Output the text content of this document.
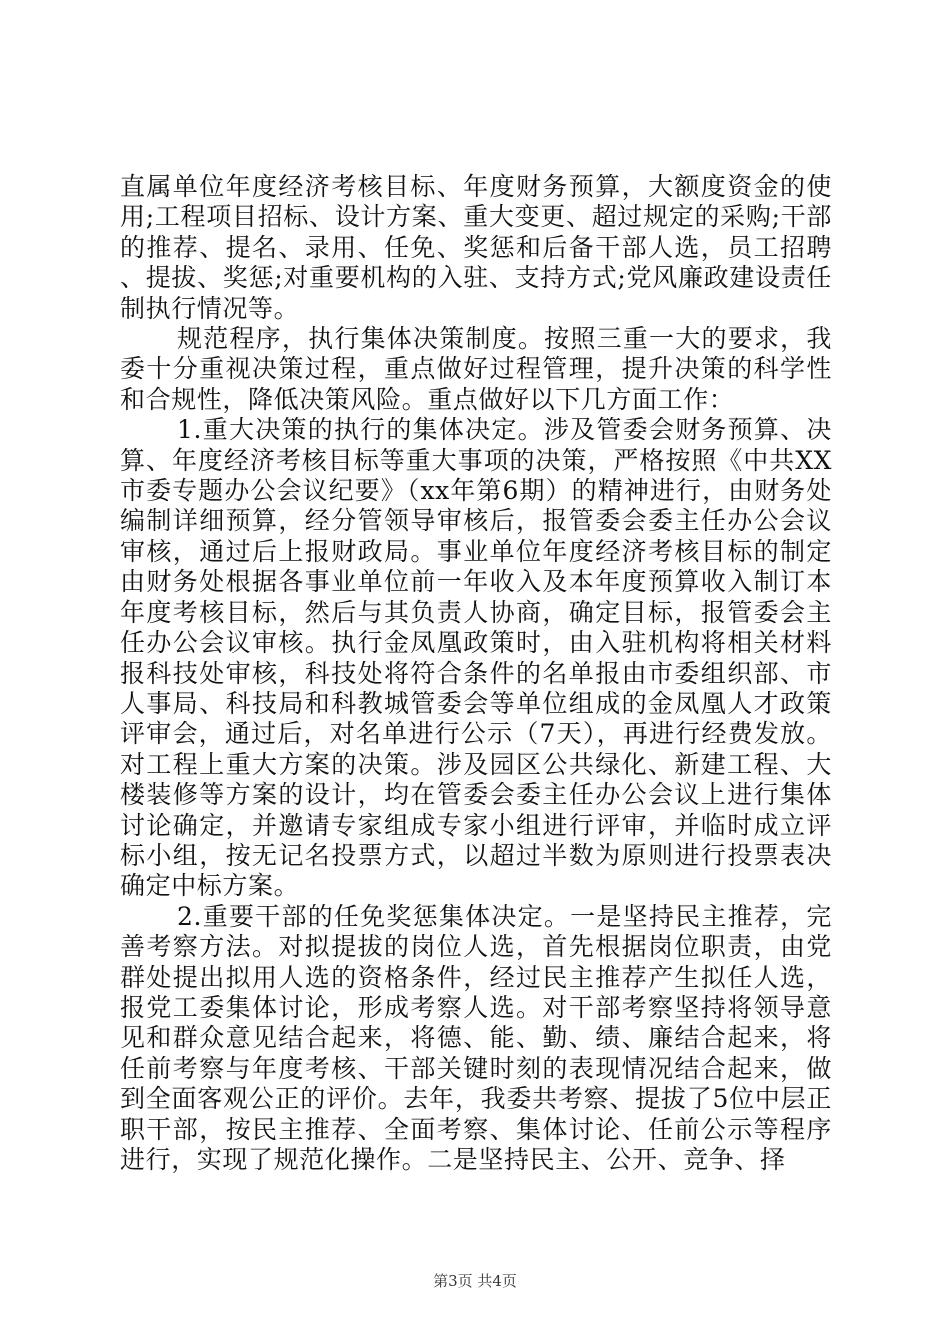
直属单位年度经济考核目标、年度财务预算，大额度资金的使用;工程项目招标、设计方案、重大变更、超过规定的采购;干部的推荐、提名、录用、任免、奖惩和后备干部人选，员工招聘、提拔、奖惩;对重要机构的入驻、支持方式;党风廉政建设责任制执行情况等。

规范程序，执行集体决策制度。按照三重一大的要求，我委十分重视决策过程，重点做好过程管理，提升决策的科学性和合规性，降低决策风险。重点做好以下几方面工作：

1.重大决策的执行的集体决定。涉及管委会财务预算、决算、年度经济考核目标等重大事项的决策，严格按照《中共XX市委专题办公会议纪要》（xx年第6期）的精神进行，由财务处编制详细预算，经分管领导审核后，报管委会委主任办公会议审核，通过后上报财政局。事业单位年度经济考核目标的制定由财务处根据各事业单位前一年收入及本年度预算收入制订本年度考核目标，然后与其负责人协商，确定目标，报管委会主任办公会议审核。执行金凤凰政策时，由入驻机构将相关材料报科技处审核，科技处将符合条件的名单报由市委组织部、市人事局、科技局和科教城管委会等单位组成的金凤凰人才政策评审会，通过后，对名单进行公示（7天），再进行经费发放。对工程上重大方案的决策。涉及园区公共绿化、新建工程、大楼装修等方案的设计，均在管委会委主任办公会议上进行集体讨论确定，并邀请专家组成专家小组进行评审，并临时成立评标小组，按无记名投票方式，以超过半数为原则进行投票表决确定中标方案。

2.重要干部的任免奖惩集体决定。一是坚持民主推荐，完善考察方法。对拟提拔的岗位人选，首先根据岗位职责，由党群处提出拟用人选的资格条件，经过民主推荐产生拟任人选，报党工委集体讨论，形成考察人选。对干部考察坚持将领导意见和群众意见结合起来，将德、能、勤、绩、廉结合起来，将任前考察与年度考核、干部关键时刻的表现情况结合起来，做到全面客观公正的评价。去年，我委共考察、提拔了5位中层正职干部，按民主推荐、全面考察、集体讨论、任前公示等程序进行，实现了规范化操作。二是坚持民主、公开、竞争、择

第3页 共4页
